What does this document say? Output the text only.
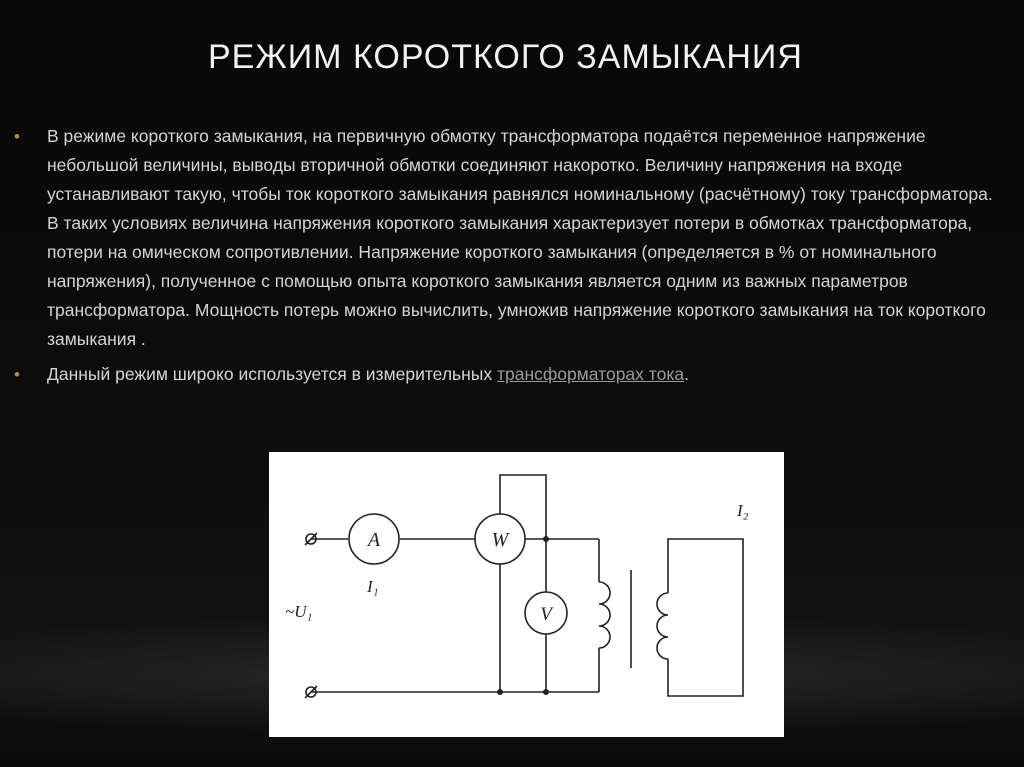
РЕЖИМ КОРОТКОГО ЗАМЫКАНИЯ
• В режиме короткого замыкания, на первичную обмотку трансформатора подаётся переменное напряжение небольшой величины, выводы вторичной обмотки соединяют накоротко. Величину напряжения на входе устанавливают такую, чтобы ток короткого замыкания равнялся номинальному (расчётному) току трансформатора. В таких условиях величина напряжения короткого замыкания характеризует потери в обмотках трансформатора, потери на омическом сопротивлении. Напряжение короткого замыкания (определяется в % от номинального напряжения), полученное с помощью опыта короткого замыкания является одним из важных параметров трансформатора. Мощность потерь можно вычислить, умножив напряжение короткого замыкания на ток короткого замыкания .
• Данный режим широко используется в измерительных трансформаторах тока.
A	W
V
I₁
I₂
~U₁
